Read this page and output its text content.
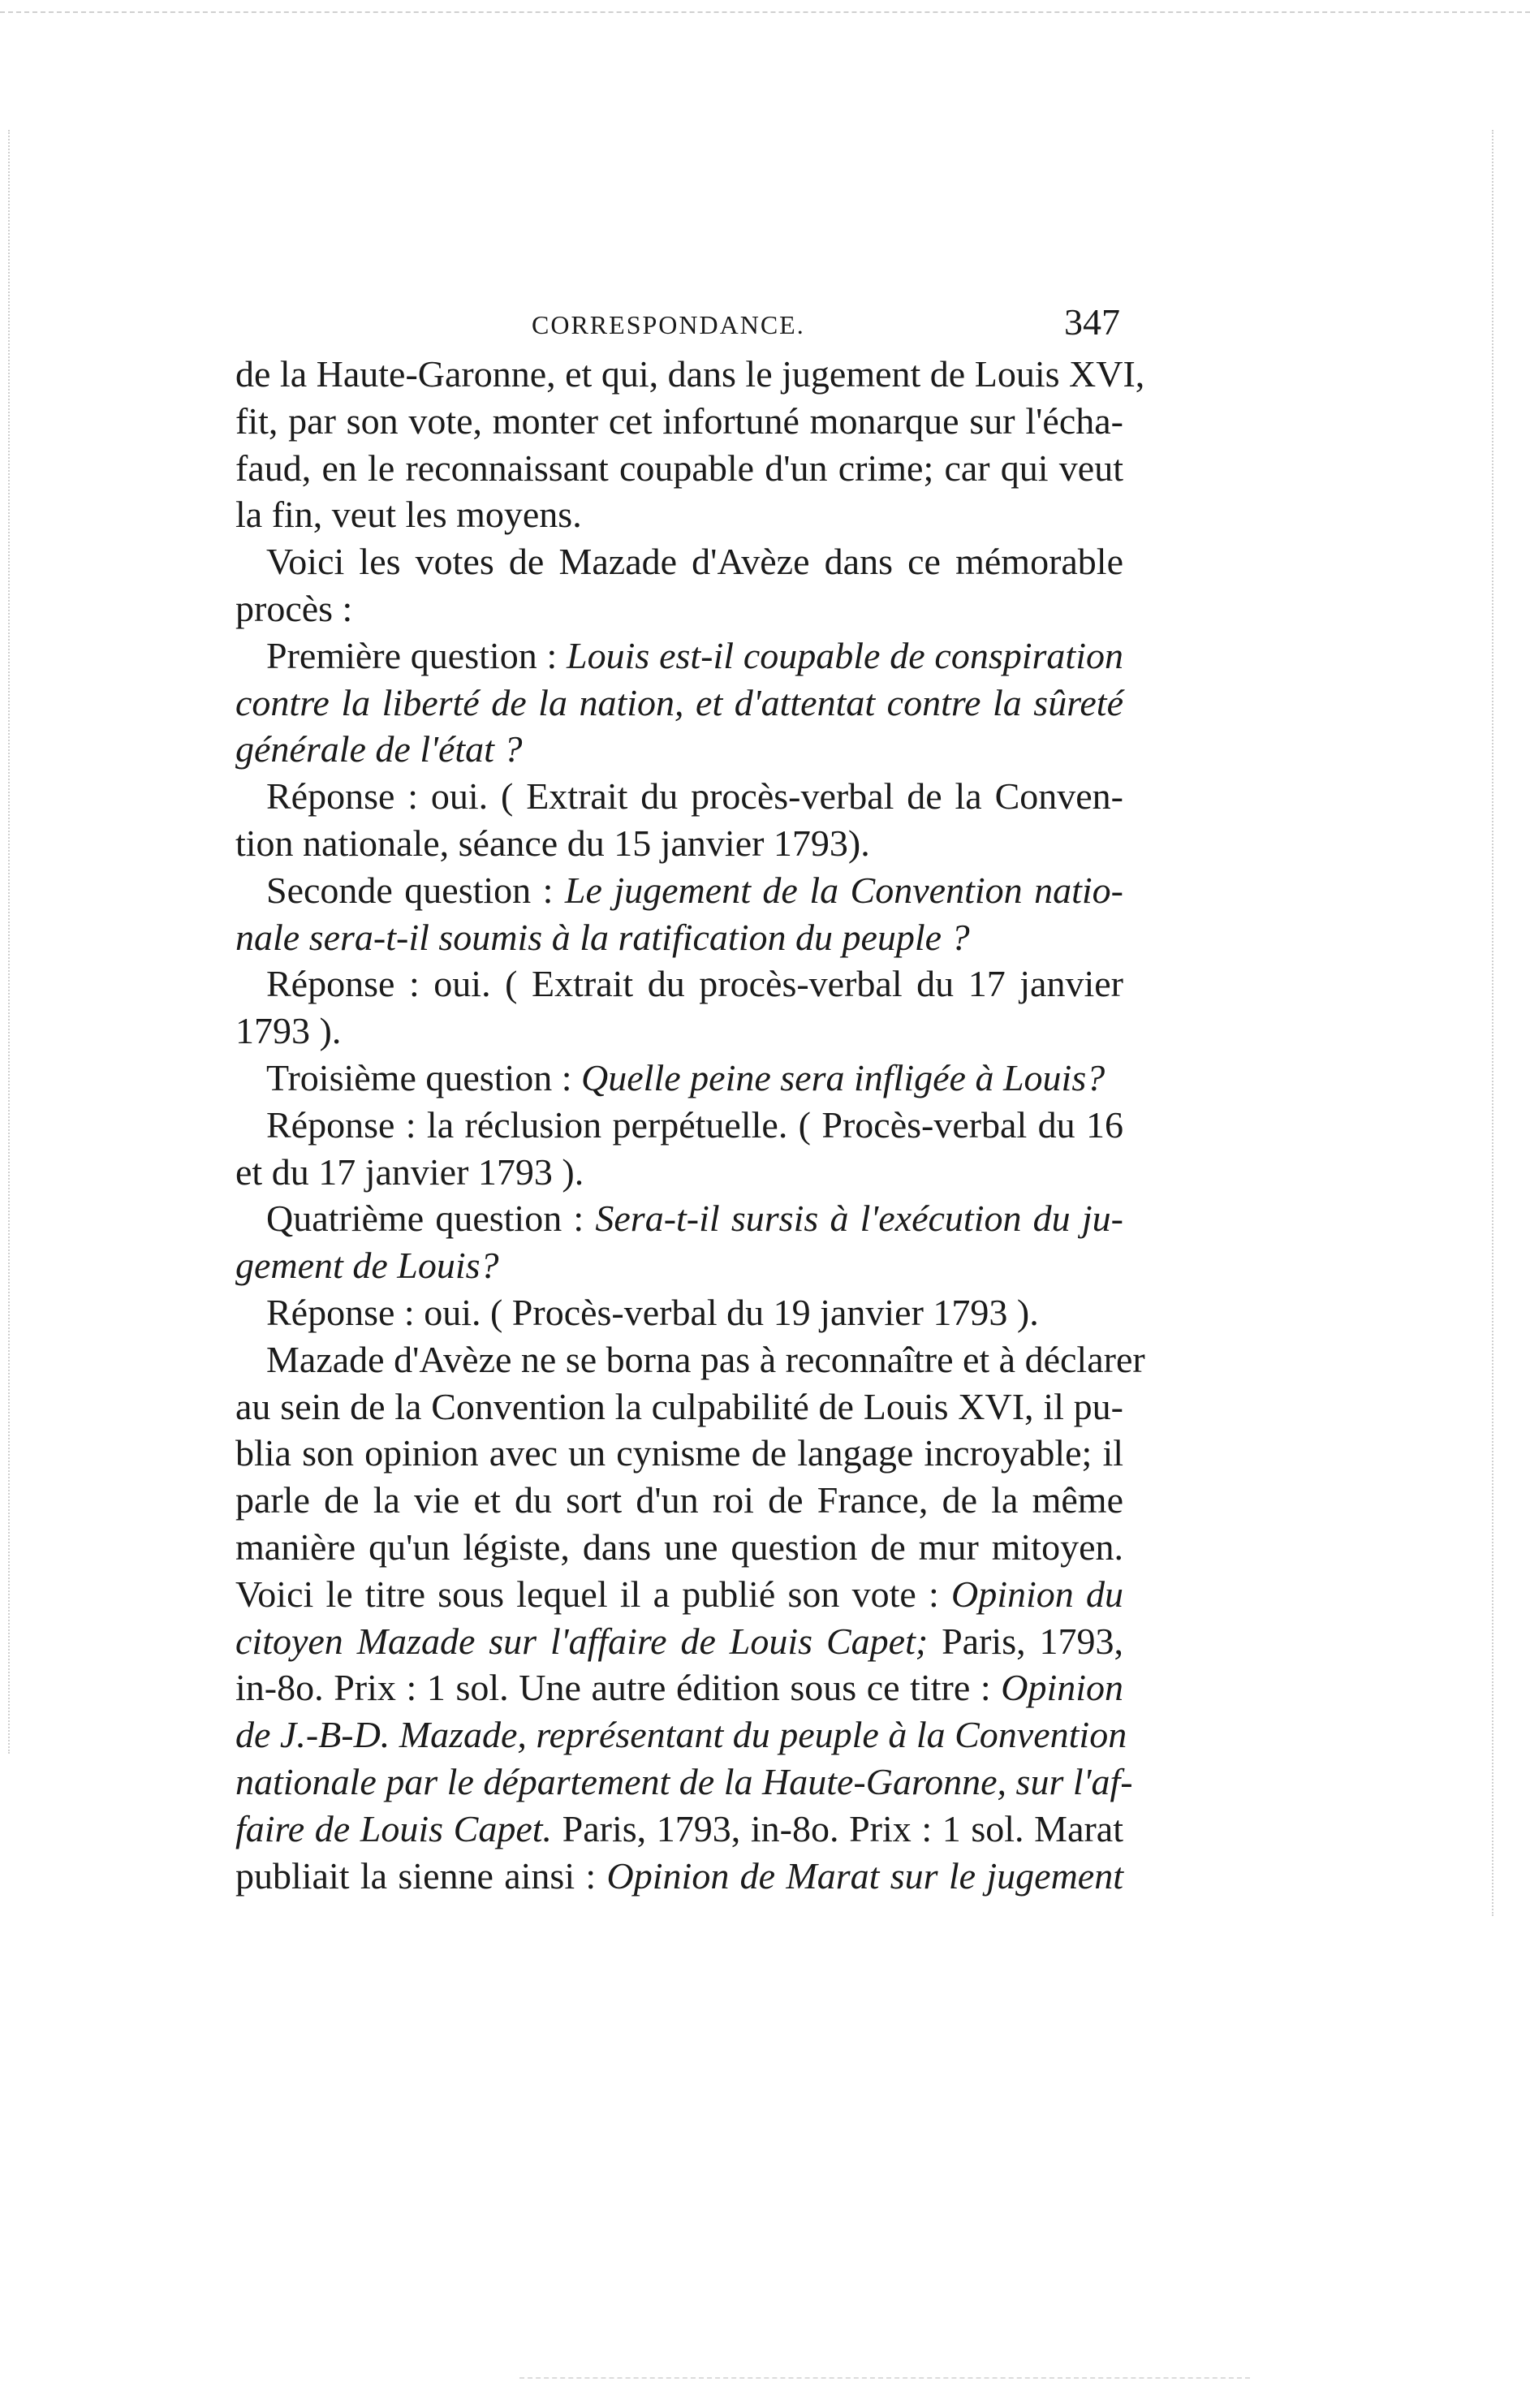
CORRESPONDANCE.	347
de la Haute-Garonne, et qui, dans le jugement de Louis XVI,
fit, par son vote, monter cet infortuné monarque sur l'écha-
faud, en le reconnaissant coupable d'un crime; car qui veut
la fin, veut les moyens.
Voici les votes de Mazade d'Avèze dans ce mémorable
procès :
Première question : Louis est-il coupable de conspiration
contre la liberté de la nation, et d'attentat contre la sûreté
générale de l'état ?
Réponse : oui. ( Extrait du procès-verbal de la Conven-
tion nationale, séance du 15 janvier 1793).
Seconde question : Le jugement de la Convention natio-
nale sera-t-il soumis à la ratification du peuple ?
Réponse : oui. ( Extrait du procès-verbal du 17 janvier
1793 ).
Troisième question : Quelle peine sera infligée à Louis?
Réponse : la réclusion perpétuelle. ( Procès-verbal du 16
et du 17 janvier 1793 ).
Quatrième question : Sera-t-il sursis à l'exécution du ju-
gement de Louis?
Réponse : oui. ( Procès-verbal du 19 janvier 1793 ).
Mazade d'Avèze ne se borna pas à reconnaître et à déclarer
au sein de la Convention la culpabilité de Louis XVI, il pu-
blia son opinion avec un cynisme de langage incroyable; il
parle de la vie et du sort d'un roi de France, de la même
manière qu'un légiste, dans une question de mur mitoyen.
Voici le titre sous lequel il a publié son vote : Opinion du
citoyen Mazade sur l'affaire de Louis Capet; Paris, 1793,
in-8o. Prix : 1 sol. Une autre édition sous ce titre : Opinion
de J.-B-D. Mazade, représentant du peuple à la Convention
nationale par le département de la Haute-Garonne, sur l'af-
faire de Louis Capet. Paris, 1793, in-8o. Prix : 1 sol. Marat
publiait la sienne ainsi : Opinion de Marat sur le jugement
